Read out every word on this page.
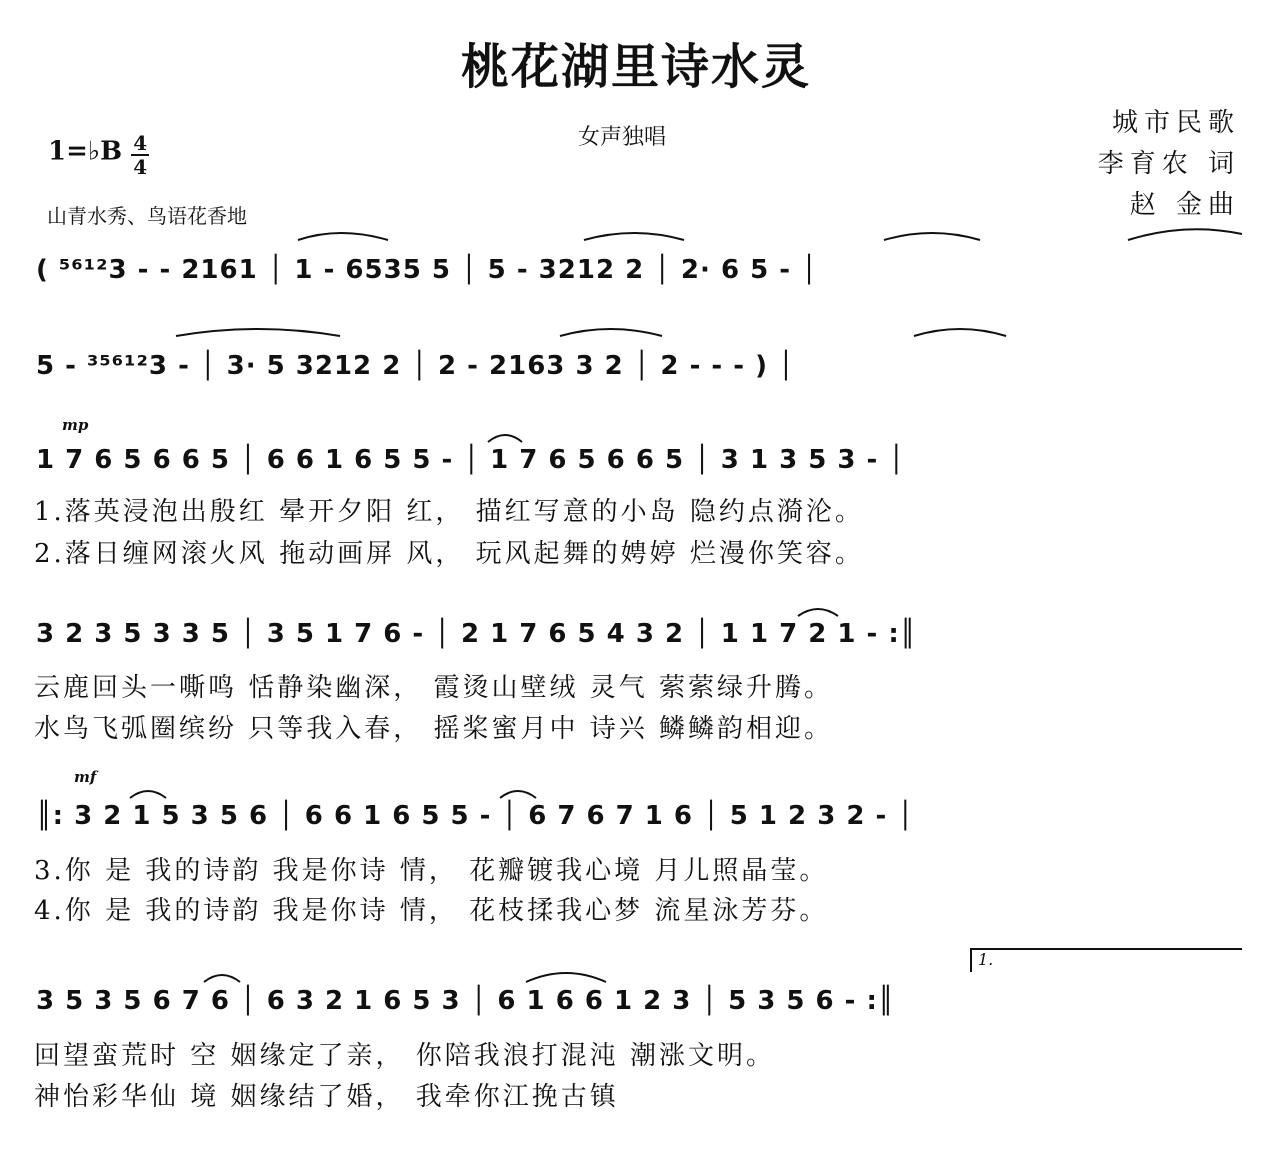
桃花湖里诗水灵
女声独唱	城市民歌
李育农 词
赵 金曲
1=♭B $\frac{4}{4}$
山青水秀、鸟语花香地
( ⁵⁶¹²3 - - 2161 │ 1 - 6535 5 │ 5 - 3212 2 │ 2· 6 5 - │
5 - ³⁵⁶¹²3 - │ 3· 5 3212 2 │ 2 - 2163 3 2 │ 2 - - - ) │
mp
1 7 6 5 6 6 5 │ 6 6 1 6 5 5 - │ 1 7 6 5 6 6 5 │ 3 1 3 5 3 - │
1.落英浸泡出殷红 晕开夕阳 红， 描红写意的小岛 隐约点漪沦。
2.落日缠网滚火风 拖动画屏 风， 玩风起舞的娉婷 烂漫你笑容。
3 2 3 5 3 3 5 │ 3 5 1 7 6 - │ 2 1 7 6 5 4 3 2 │ 1 1 7 2 1 - :║
云鹿回头一嘶鸣 恬静染幽深， 霞烫山壁绒 灵气 萦萦绿升腾。
水鸟飞弧圈缤纷 只等我入春， 摇桨蜜月中 诗兴 鳞鳞韵相迎。
mf
║: 3 2 1 5 3 5 6 │ 6 6 1 6 5 5 - │ 6 7 6 7 1 6 │ 5 1 2 3 2 - │
3.你 是 我的诗韵 我是你诗 情， 花瓣镀我心境 月儿照晶莹。
4.你 是 我的诗韵 我是你诗 情， 花枝揉我心梦 流星泳芳芬。
1.
3 5 3 5 6 7 6 │ 6 3 2 1 6 5 3 │ 6 1 6 6 1 2 3 │ 5 3 5 6 - :║
回望蛮荒时 空 姻缘定了亲， 你陪我浪打混沌 潮涨文明。
神怡彩华仙 境 姻缘结了婚， 我牵你江挽古镇
